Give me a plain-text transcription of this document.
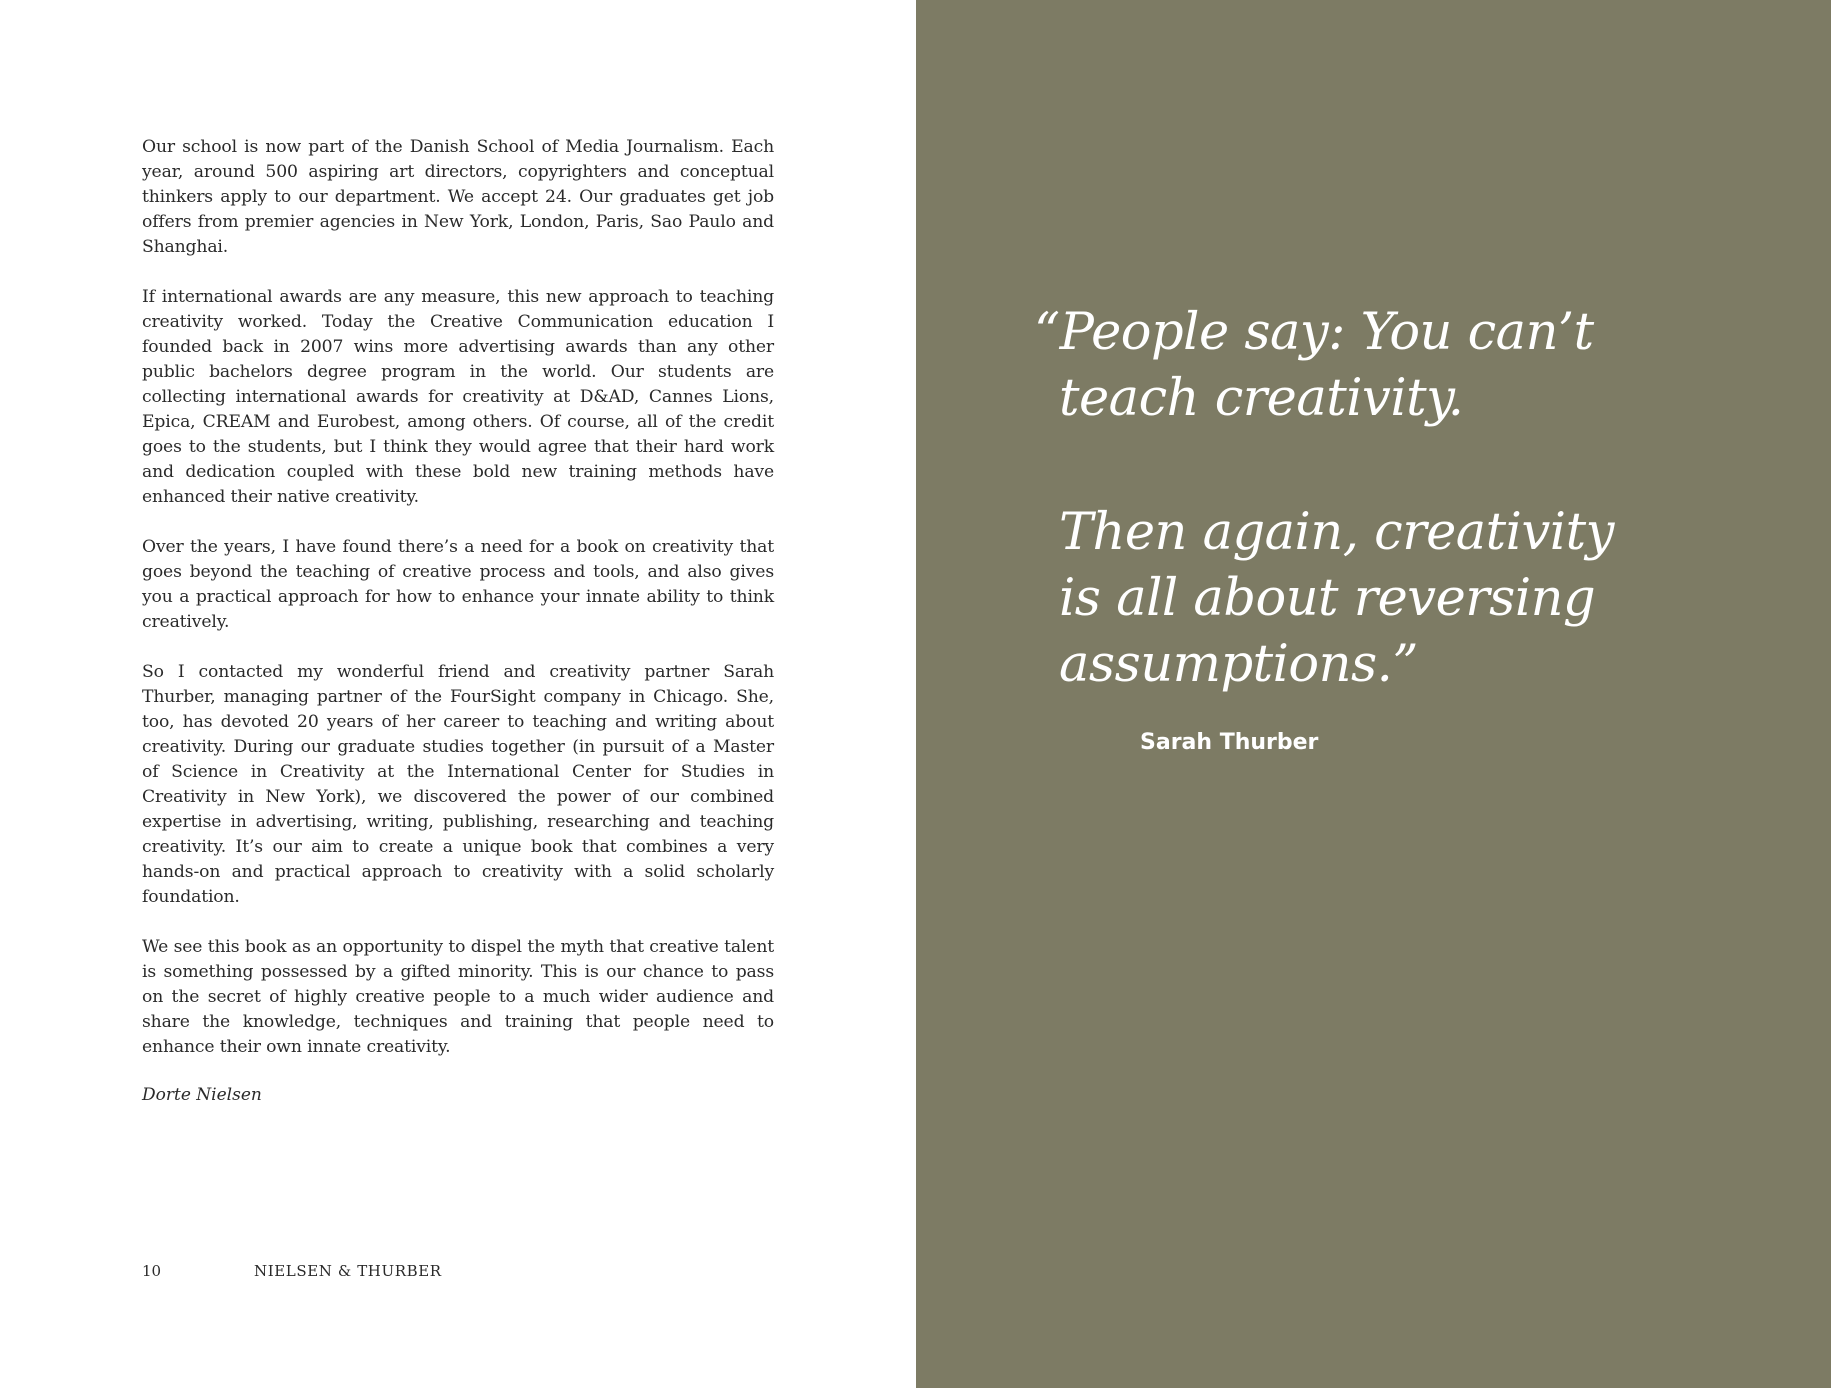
Our school is now part of the Danish School of Media Journalism. Each year, around 500 aspiring art directors, copyrighters and conceptual thinkers apply to our department. We accept 24. Our graduates get job offers from premier agencies in New York, London, Paris, Sao Paulo and Shanghai.

If international awards are any measure, this new approach to teaching creativity worked. Today the Creative Communication education I founded back in 2007 wins more advertising awards than any other public bachelors degree program in the world. Our students are collecting international awards for creativity at D&AD, Cannes Lions, Epica, CREAM and Eurobest, among others. Of course, all of the credit goes to the students, but I think they would agree that their hard work and dedication coupled with these bold new training methods have enhanced their native creativity.

Over the years, I have found there’s a need for a book on creativity that goes beyond the teaching of creative process and tools, and also gives you a practical approach for how to enhance your innate ability to think creatively.

So I contacted my wonderful friend and creativity partner Sarah Thurber, managing partner of the FourSight company in Chicago. She, too, has devoted 20 years of her career to teaching and writing about creativity. During our graduate studies together (in pursuit of a Master of Science in Creativity at the International Center for Studies in Creativity in New York), we discovered the power of our combined expertise in advertising, writing, publishing, researching and teaching creativity. It’s our aim to create a unique book that combines a very hands-on and practical approach to creativity with a solid scholarly foundation.

We see this book as an opportunity to dispel the myth that creative talent is something possessed by a gifted minority. This is our chance to pass on the secret of highly creative people to a much wider audience and share the knowledge, techniques and training that people need to enhance their own innate creativity.

Dorte Nielsen
10	NIELSEN & THURBER
“People say: You can’t
teach creativity.
Then again, creativity
is all about reversing
assumptions.”
Sarah Thurber
